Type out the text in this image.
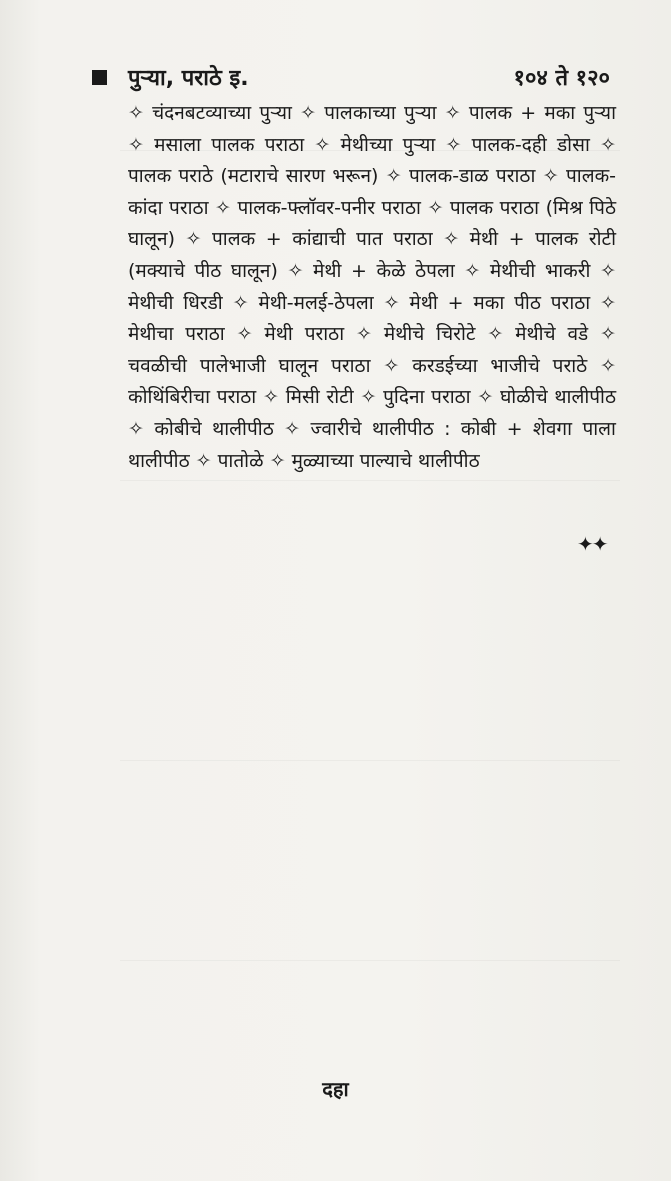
पुऱ्या, पराठे इ.	१०४ ते १२०
✧ चंदनबटव्याच्या पुऱ्या ✧ पालकाच्या पुऱ्या ✧ पालक + मका पुऱ्या ✧ मसाला पालक पराठा ✧ मेथीच्या पुऱ्या ✧ पालक-दही डोसा ✧ पालक पराठे (मटाराचे सारण भरून) ✧ पालक-डाळ पराठा ✧ पालक-कांदा पराठा ✧ पालक-फ्लॉवर-पनीर पराठा ✧ पालक पराठा (मिश्र पिठे घालून) ✧ पालक + कांद्याची पात पराठा ✧ मेथी + पालक रोटी (मक्याचे पीठ घालून) ✧ मेथी + केळे ठेपला ✧ मेथीची भाकरी ✧ मेथीची धिरडी ✧ मेथी-मलई-ठेपला ✧ मेथी + मका पीठ पराठा ✧ मेथीचा पराठा ✧ मेथी पराठा ✧ मेथीचे चिरोटे ✧ मेथीचे वडे ✧ चवळीची पालेभाजी घालून पराठा ✧ करडईच्या भाजीचे पराठे ✧ कोथिंबिरीचा पराठा ✧ मिसी रोटी ✧ पुदिना पराठा ✧ घोळीचे थालीपीठ ✧ कोबीचे थालीपीठ ✧ ज्वारीचे थालीपीठ : कोबी + शेवगा पाला थालीपीठ ✧ पातोळे ✧ मुळ्याच्या पाल्याचे थालीपीठ
✦✦
दहा
